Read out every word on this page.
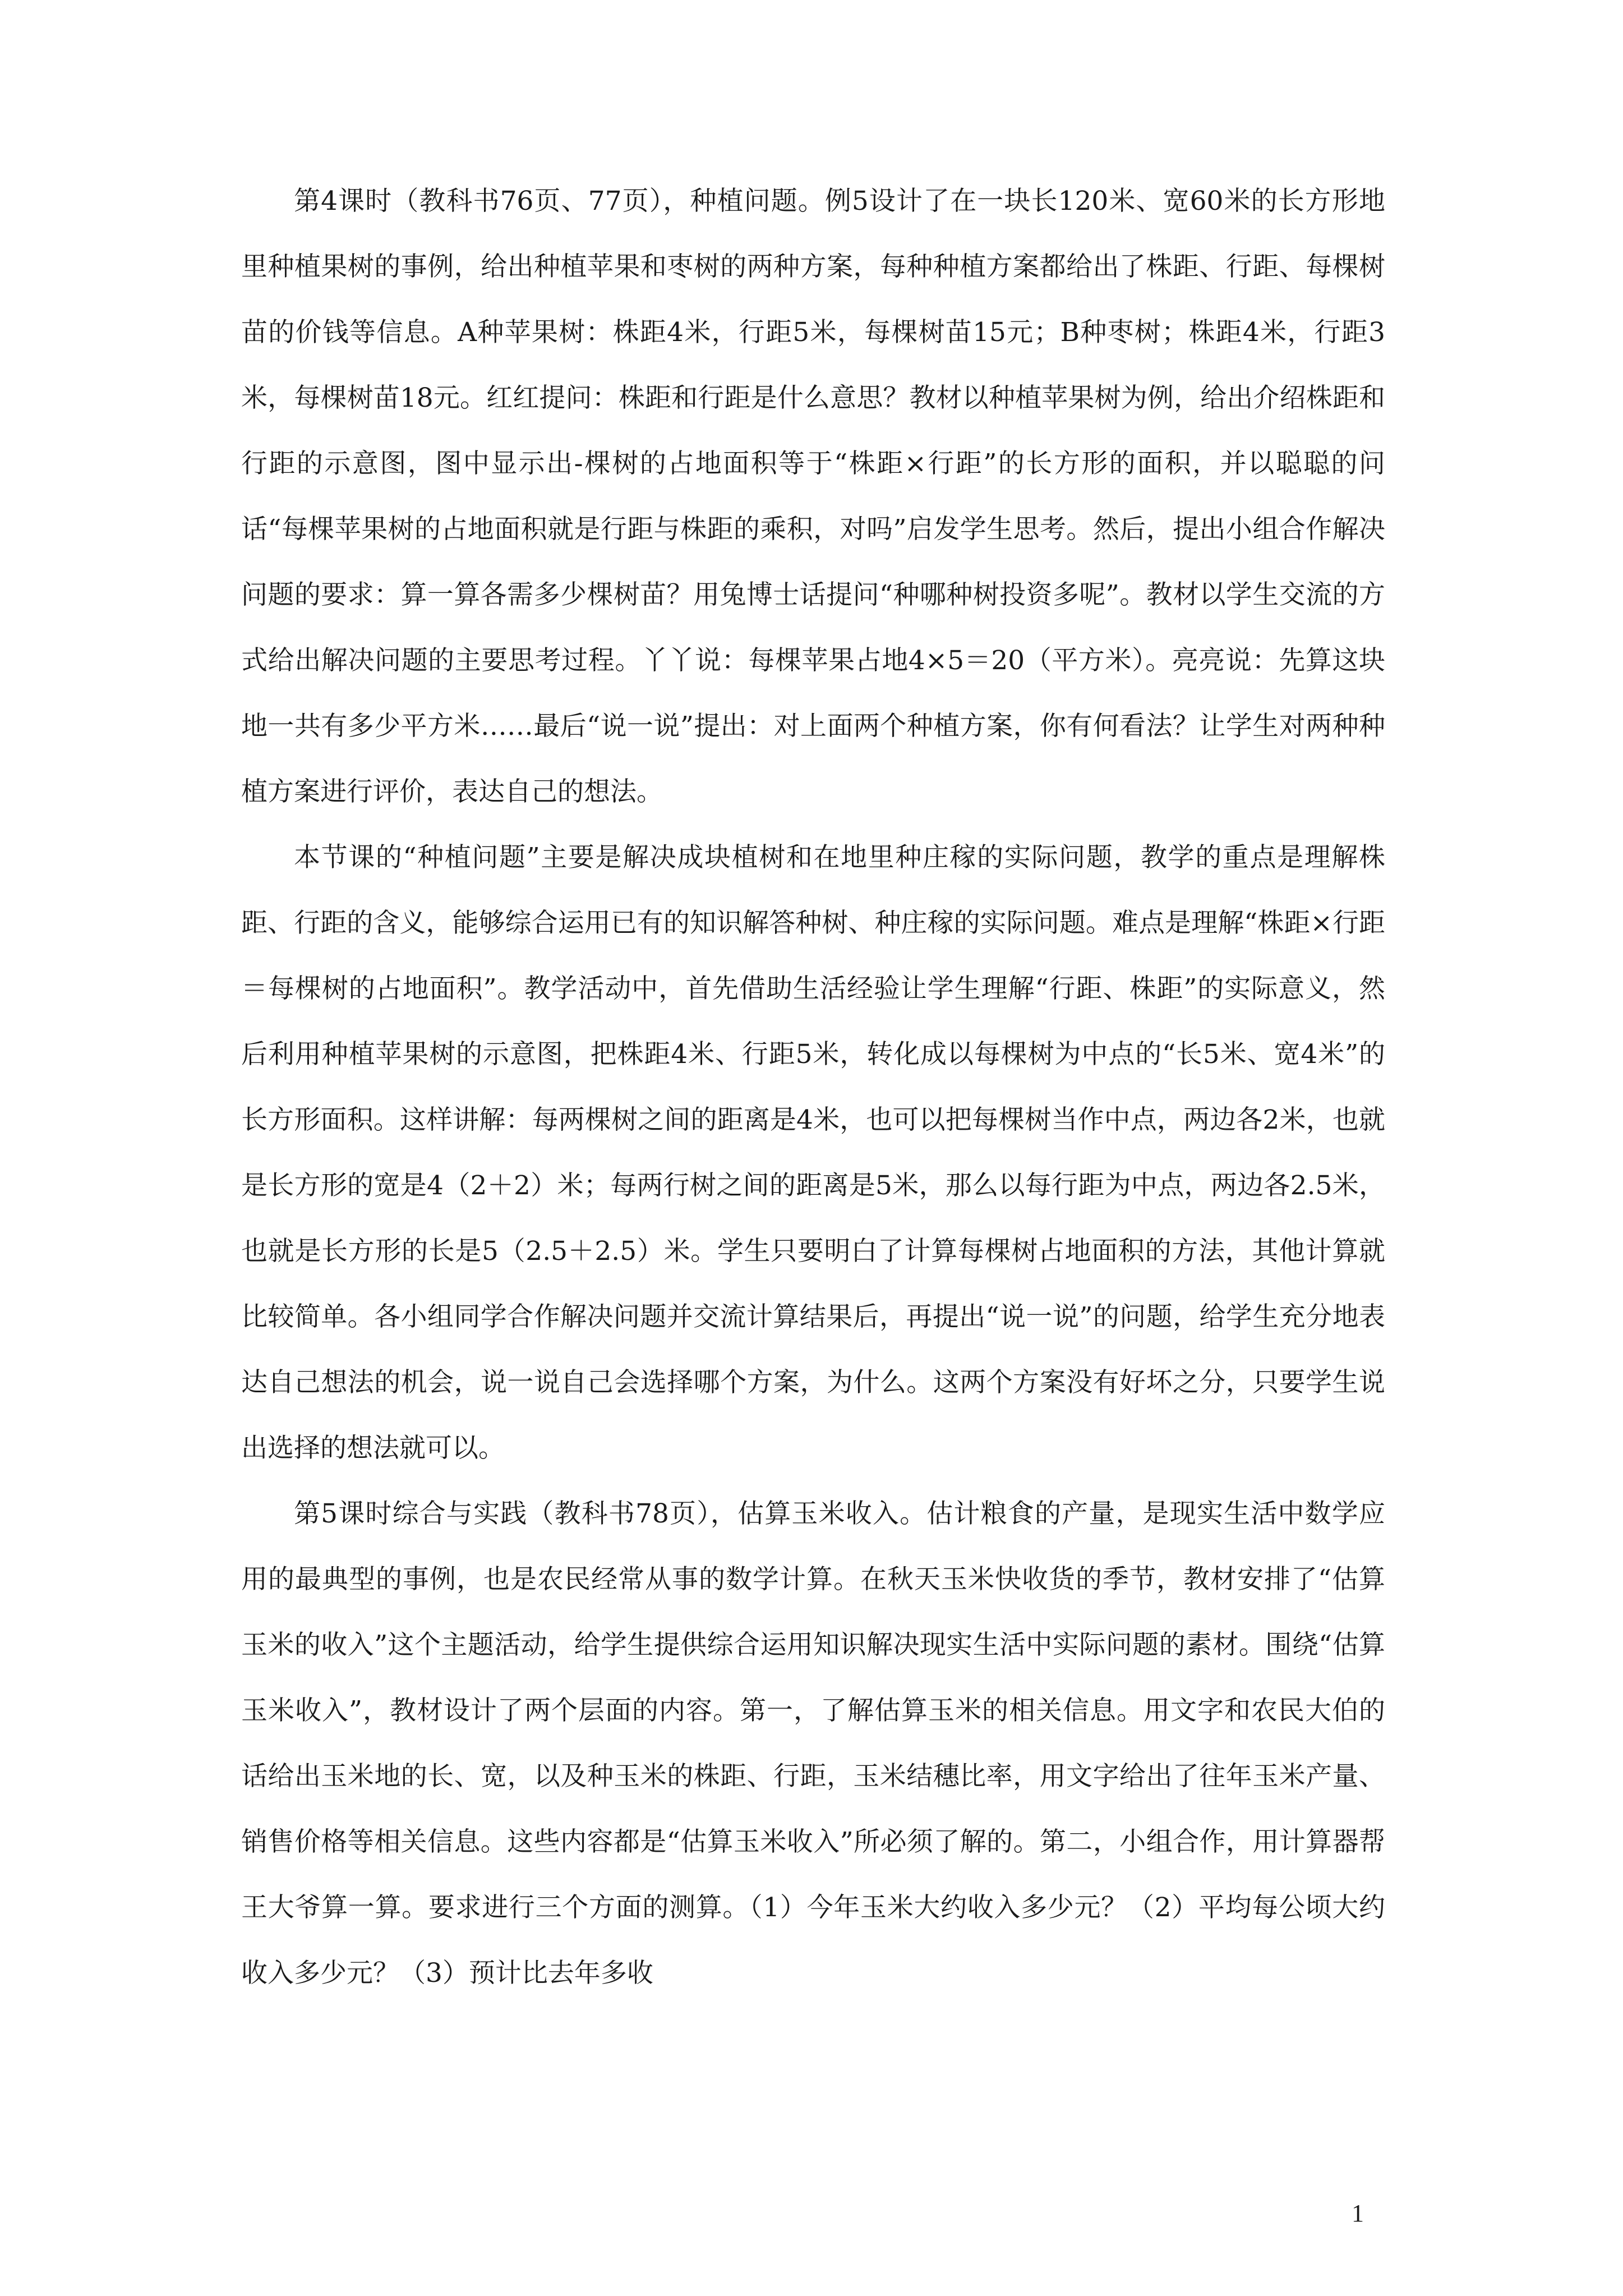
第4课时（教科书76页、77页），种植问题。例5设计了在一块长120米、宽60米的长方形地里种植果树的事例，给出种植苹果和枣树的两种方案，每种种植方案都给出了株距、行距、每棵树苗的价钱等信息。A种苹果树：株距4米，行距5米，每棵树苗15元；B种枣树；株距4米，行距3米，每棵树苗18元。红红提问：株距和行距是什么意思？教材以种植苹果树为例，给出介绍株距和行距的示意图，图中显示出-棵树的占地面积等于“株距×行距”的长方形的面积，并以聪聪的问话“每棵苹果树的占地面积就是行距与株距的乘积，对吗”启发学生思考。然后，提出小组合作解决问题的要求：算一算各需多少棵树苗？用兔博士话提问“种哪种树投资多呢”。教材以学生交流的方式给出解决问题的主要思考过程。丫丫说：每棵苹果占地4×5＝20（平方米）。亮亮说：先算这块地一共有多少平方米……最后“说一说”提出：对上面两个种植方案，你有何看法？让学生对两种种植方案进行评价，表达自己的想法。

本节课的“种植问题”主要是解决成块植树和在地里种庄稼的实际问题，教学的重点是理解株距、行距的含义，能够综合运用已有的知识解答种树、种庄稼的实际问题。难点是理解“株距×行距＝每棵树的占地面积”。教学活动中，首先借助生活经验让学生理解“行距、株距”的实际意义，然后利用种植苹果树的示意图，把株距4米、行距5米，转化成以每棵树为中点的“长5米、宽4米”的长方形面积。这样讲解：每两棵树之间的距离是4米，也可以把每棵树当作中点，两边各2米，也就是长方形的宽是4（2＋2）米；每两行树之间的距离是5米，那么以每行距为中点，两边各2.5米，也就是长方形的长是5（2.5＋2.5）米。学生只要明白了计算每棵树占地面积的方法，其他计算就比较简单。各小组同学合作解决问题并交流计算结果后，再提出“说一说”的问题，给学生充分地表达自己想法的机会，说一说自己会选择哪个方案，为什么。这两个方案没有好坏之分，只要学生说出选择的想法就可以。

第5课时综合与实践（教科书78页），估算玉米收入。估计粮食的产量，是现实生活中数学应用的最典型的事例，也是农民经常从事的数学计算。在秋天玉米快收货的季节，教材安排了“估算玉米的收入”这个主题活动，给学生提供综合运用知识解决现实生活中实际问题的素材。围绕“估算玉米收入”，教材设计了两个层面的内容。第一，了解估算玉米的相关信息。用文字和农民大伯的话给出玉米地的长、宽，以及种玉米的株距、行距，玉米结穗比率，用文字给出了往年玉米产量、销售价格等相关信息。这些内容都是“估算玉米收入”所必须了解的。第二，小组合作，用计算器帮王大爷算一算。要求进行三个方面的测算。（1）今年玉米大约收入多少元？（2）平均每公顷大约收入多少元？（3）预计比去年多收

1
